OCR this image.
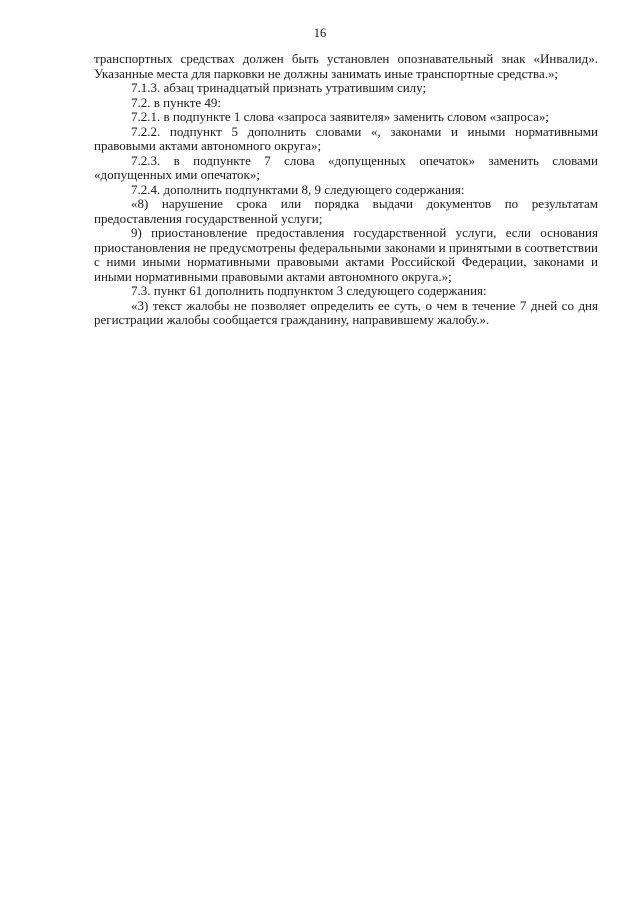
16

транспортных средствах должен быть установлен опознавательный знак «Инвалид». Указанные места для парковки не должны занимать иные транспортные средства.»;

7.1.3. абзац тринадцатый признать утратившим силу;

7.2. в пункте 49:

7.2.1. в подпункте 1 слова «запроса заявителя» заменить словом «запроса»;

7.2.2. подпункт 5 дополнить словами «, законами и иными нормативными правовыми актами автономного округа»;

7.2.3. в подпункте 7 слова «допущенных опечаток» заменить словами «допущенных ими опечаток»;

7.2.4. дополнить подпунктами 8, 9 следующего содержания:

«8) нарушение срока или порядка выдачи документов по результатам предоставления государственной услуги;

9) приостановление предоставления государственной услуги, если основания приостановления не предусмотрены федеральными законами и принятыми в соответствии с ними иными нормативными правовыми актами Российской Федерации, законами и иными нормативными правовыми актами автономного округа.»;

7.3. пункт 61 дополнить подпунктом 3 следующего содержания:

«3) текст жалобы не позволяет определить ее суть, о чем в течение 7 дней со дня регистрации жалобы сообщается гражданину, направившему жалобу.».
